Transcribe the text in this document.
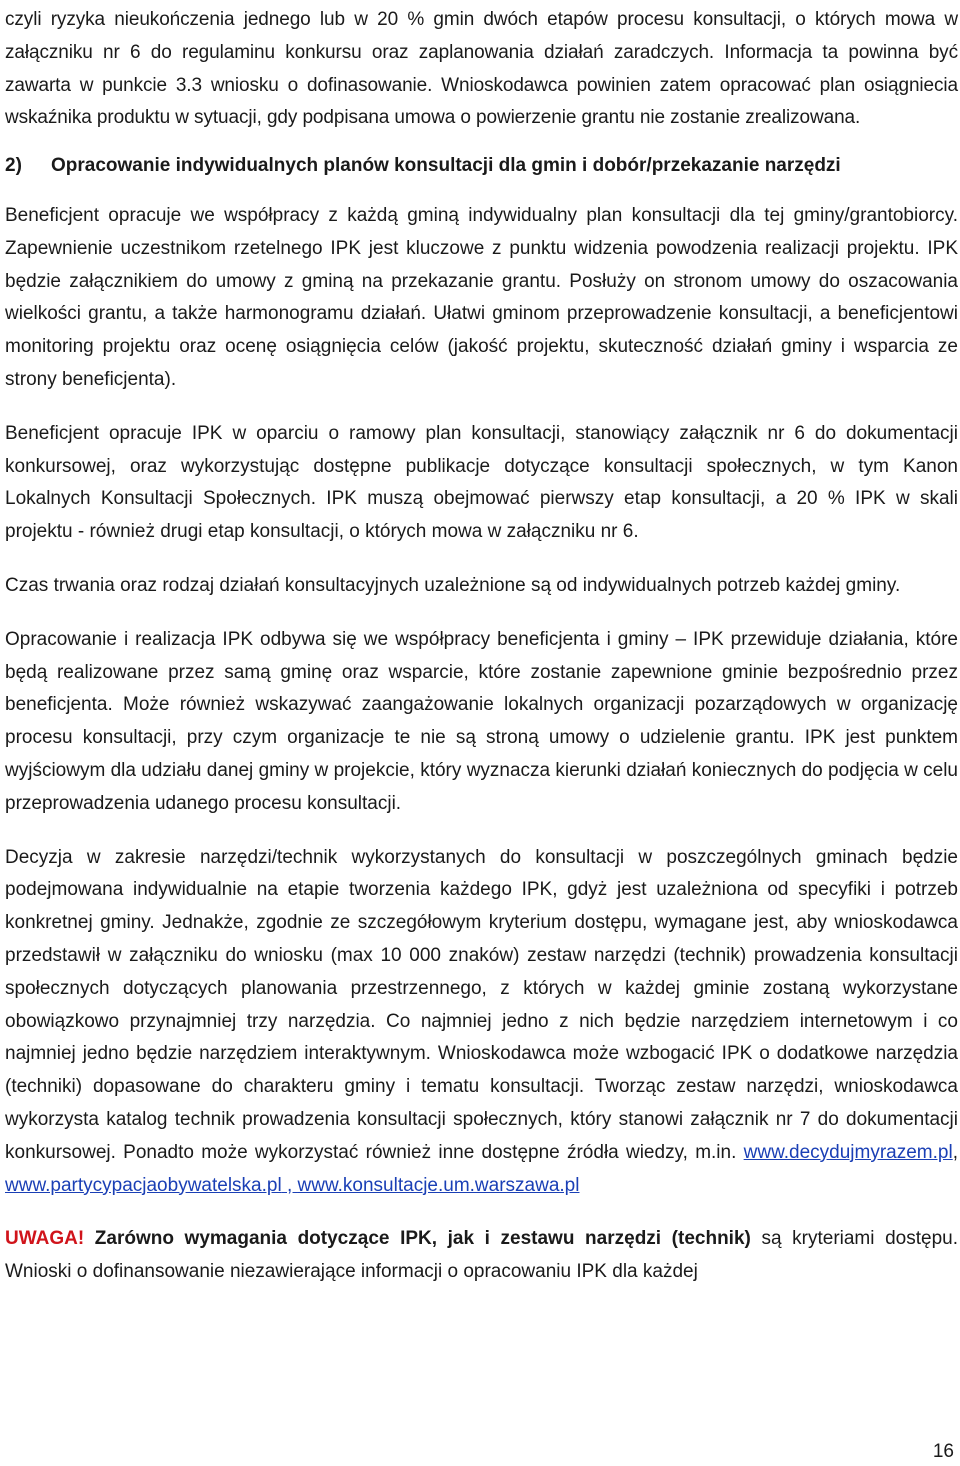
czyli ryzyka nieukończenia jednego lub w 20 % gmin dwóch etapów procesu konsultacji, o których mowa w załączniku nr 6 do regulaminu konkursu oraz zaplanowania działań zaradczych. Informacja ta powinna być zawarta w punkcie 3.3 wniosku o dofinasowanie. Wnioskodawca powinien zatem opracować plan osiągniecia wskaźnika produktu w sytuacji, gdy podpisana umowa o powierzenie grantu nie zostanie zrealizowana.

2) Opracowanie indywidualnych planów konsultacji dla gmin i dobór/przekazanie narzędzi

Beneficjent opracuje we współpracy z każdą gminą indywidualny plan konsultacji dla tej gminy/grantobiorcy. Zapewnienie uczestnikom rzetelnego IPK jest kluczowe z punktu widzenia powodzenia realizacji projektu. IPK będzie załącznikiem do umowy z gminą na przekazanie grantu. Posłuży on stronom umowy do oszacowania wielkości grantu, a także harmonogramu działań. Ułatwi gminom przeprowadzenie konsultacji, a beneficjentowi monitoring projektu oraz ocenę osiągnięcia celów (jakość projektu, skuteczność działań gminy i wsparcia ze strony beneficjenta).

Beneficjent opracuje IPK w oparciu o ramowy plan konsultacji, stanowiący załącznik nr 6 do dokumentacji konkursowej, oraz wykorzystując dostępne publikacje dotyczące konsultacji społecznych, w tym Kanon Lokalnych Konsultacji Społecznych. IPK muszą obejmować pierwszy etap konsultacji, a 20 % IPK w skali projektu - również drugi etap konsultacji, o których mowa w załączniku nr 6.

Czas trwania oraz rodzaj działań konsultacyjnych uzależnione są od indywidualnych potrzeb każdej gminy.

Opracowanie i realizacja IPK odbywa się we współpracy beneficjenta i gminy – IPK przewiduje działania, które będą realizowane przez samą gminę oraz wsparcie, które zostanie zapewnione gminie bezpośrednio przez beneficjenta. Może również wskazywać zaangażowanie lokalnych organizacji pozarządowych w organizację procesu konsultacji, przy czym organizacje te nie są stroną umowy o udzielenie grantu. IPK jest punktem wyjściowym dla udziału danej gminy w projekcie, który wyznacza kierunki działań koniecznych do podjęcia w celu przeprowadzenia udanego procesu konsultacji.

Decyzja w zakresie narzędzi/technik wykorzystanych do konsultacji w poszczególnych gminach będzie podejmowana indywidualnie na etapie tworzenia każdego IPK, gdyż jest uzależniona od specyfiki i potrzeb konkretnej gminy. Jednakże, zgodnie ze szczegółowym kryterium dostępu, wymagane jest, aby wnioskodawca przedstawił w załączniku do wniosku (max 10 000 znaków) zestaw narzędzi (technik) prowadzenia konsultacji społecznych dotyczących planowania przestrzennego, z których w każdej gminie zostaną wykorzystane obowiązkowo przynajmniej trzy narzędzia. Co najmniej jedno z nich będzie narzędziem internetowym i co najmniej jedno będzie narzędziem interaktywnym. Wnioskodawca może wzbogacić IPK o dodatkowe narzędzia (techniki) dopasowane do charakteru gminy i tematu konsultacji. Tworząc zestaw narzędzi, wnioskodawca wykorzysta katalog technik prowadzenia konsultacji społecznych, który stanowi załącznik nr 7 do dokumentacji konkursowej. Ponadto może wykorzystać również inne dostępne źródła wiedzy, m.in. www.decydujmyrazem.pl, www.partycypacjaobywatelska.pl , www.konsultacje.um.warszawa.pl

UWAGA! Zarówno wymagania dotyczące IPK, jak i zestawu narzędzi (technik) są kryteriami dostępu. Wnioski o dofinansowanie niezawierające informacji o opracowaniu IPK dla każdej

16
